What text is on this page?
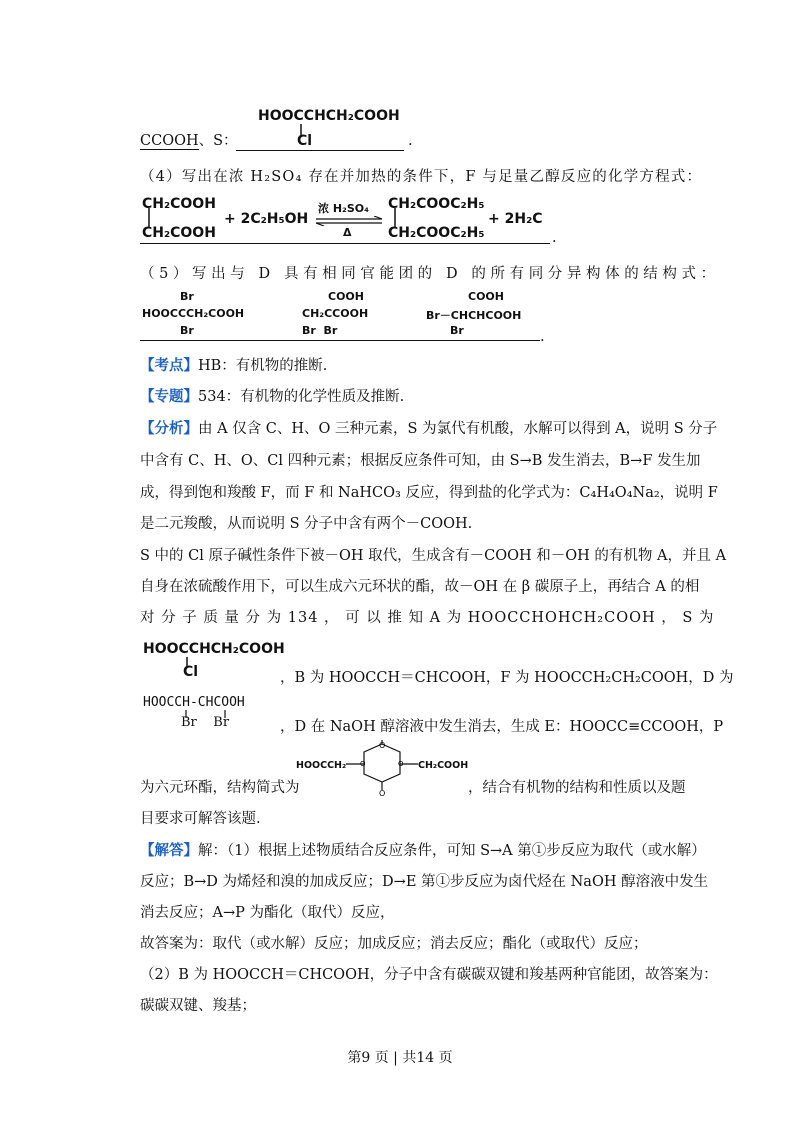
HOOCCHCH₂COOH
Cl
CCOOH、S：	.
（4）写出在浓 H₂SO₄ 存在并加热的条件下，F 与足量乙醇反应的化学方程式：
CH₂COOH
CH₂COOH
+ 2C₂H₅OH
浓 H₂SO₄
Δ
CH₂COOC₂H₅
CH₂COOC₂H₅
+ 2H₂C
.
（5）写出与 D 具有相同官能团的 D 的所有同分异构体的结构式：
Br
HOOCCCH₂COOH
Br
COOH
CH₂CCOOH
Br  Br
COOH
Br－CHCHCOOH
Br	.
【考点】HB：有机物的推断.
【专题】534：有机物的化学性质及推断.
【分析】由 A 仅含 C、H、O 三种元素，S 为氯代有机酸，水解可以得到 A，说明 S 分子
中含有 C、H、O、Cl 四种元素；根据反应条件可知，由 S→B 发生消去，B→F 发生加
成，得到饱和羧酸 F，而 F 和 NaHCO₃ 反应，得到盐的化学式为：C₄H₄O₄Na₂，说明 F
是二元羧酸，从而说明 S 分子中含有两个－COOH.
S 中的 Cl 原子碱性条件下被－OH 取代，生成含有－COOH 和－OH 的有机物 A，并且 A
自身在浓硫酸作用下，可以生成六元环状的酯，故－OH 在 β 碳原子上，再结合 A 的相
对 分 子 质 量 分 为 134 ， 可 以 推 知 A 为 HOOCCHOHCH₂COOH ， S 为
HOOCCHCH₂COOH
Cl	，B 为 HOOCCH＝CHCOOH，F 为 HOOCCH₂CH₂COOH，D 为
HOOCCH-CHCOOH
Br    Br	，D 在 NaOH 醇溶液中发生消去，生成 E：HOOCC≡CCOOH，P
为六元环酯，结构简式为
HOOCCH₂
O
O
O	O CH₂COOH
，结合有机物的结构和性质以及题
目要求可解答该题.
【解答】解：（1）根据上述物质结合反应条件，可知 S→A 第①步反应为取代（或水解）
反应；B→D 为烯烃和溴的加成反应；D→E 第①步反应为卤代烃在 NaOH 醇溶液中发生
消去反应；A→P 为酯化（取代）反应，
故答案为：取代（或水解）反应；加成反应；消去反应；酯化（或取代）反应；
（2）B 为 HOOCCH＝CHCOOH，分子中含有碳碳双键和羧基两种官能团，故答案为：
碳碳双键、羧基；
第9 页 | 共14 页
